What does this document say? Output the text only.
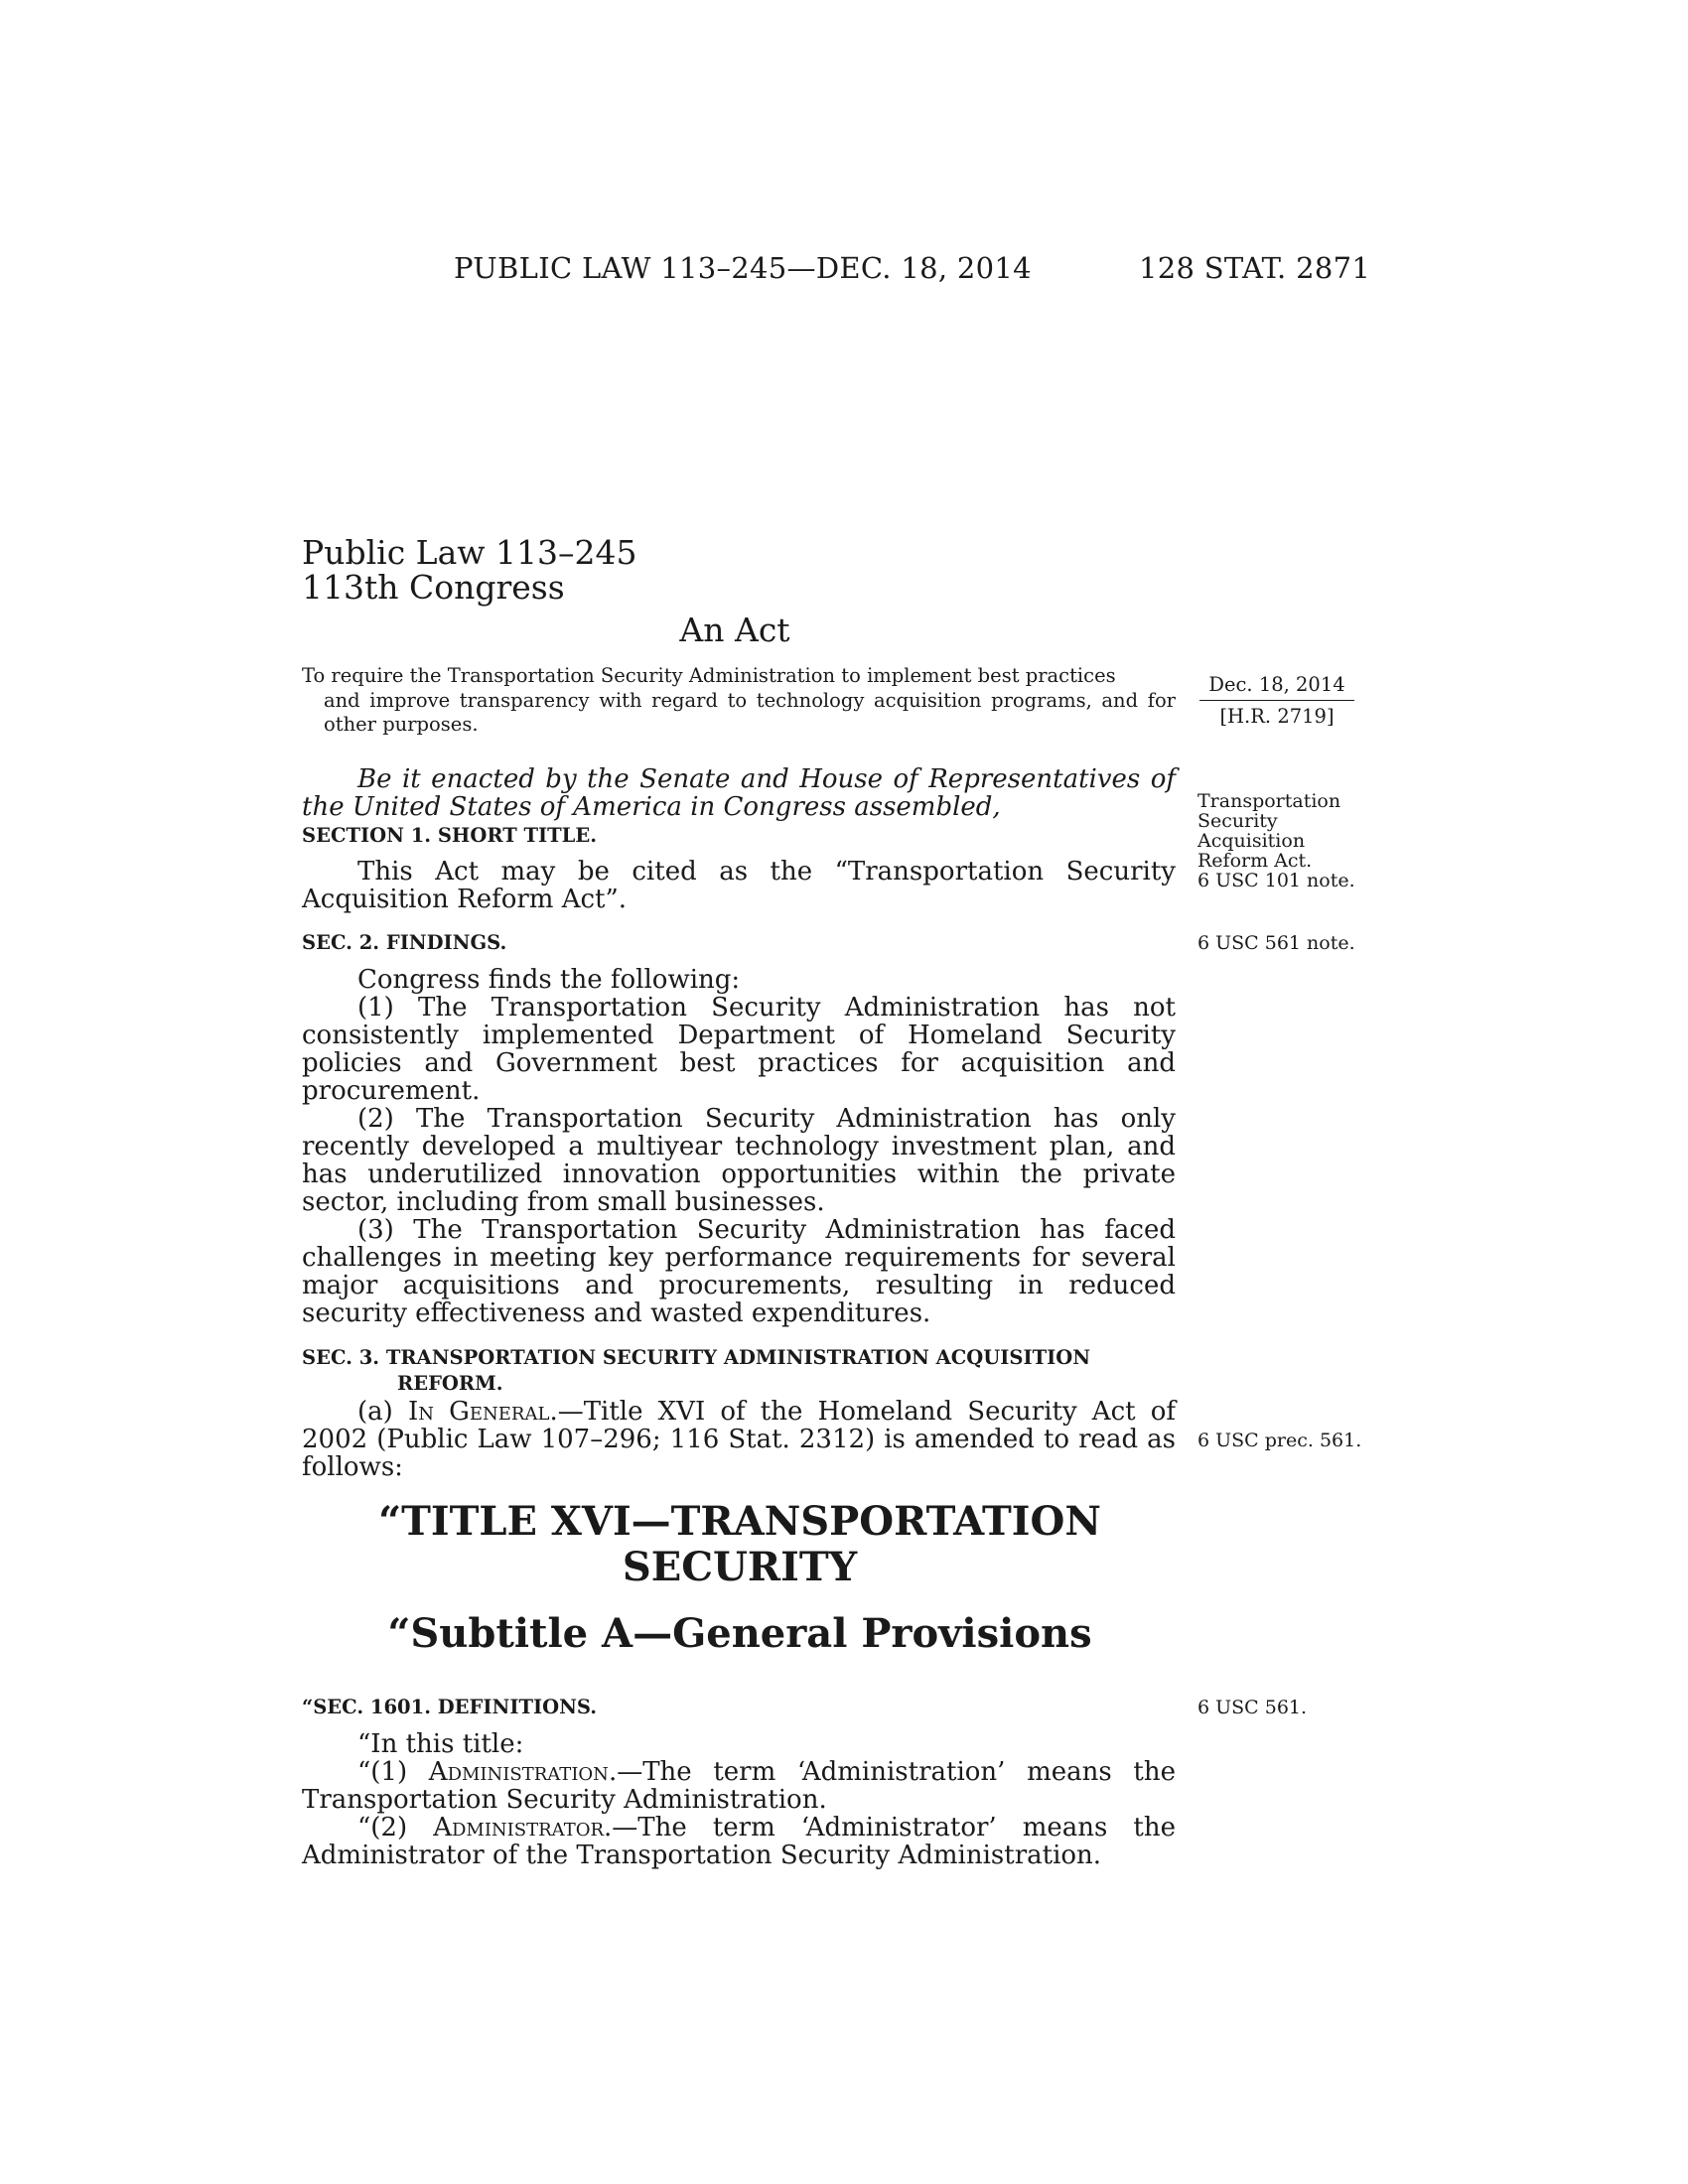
PUBLIC LAW 113–245—DEC. 18, 2014	128 STAT. 2871
Public Law 113–245
113th Congress
An Act
To require the Transportation Security Administration to implement best practices
and improve transparency with regard to technology acquisition programs, and for other purposes.
Dec. 18, 2014
[H.R. 2719]
Transportation
Security
Acquisition
Reform Act.
6 USC 101 note.
6 USC 561 note.
6 USC prec. 561.
6 USC 561.
Be it enacted by the Senate and House of Representatives of the United States of America in Congress assembled,
SECTION 1. SHORT TITLE.
This Act may be cited as the “Transportation Security Acquisition Reform Act”.
SEC. 2. FINDINGS.

Congress finds the following:

(1) The Transportation Security Administration has not consistently implemented Department of Homeland Security policies and Government best practices for acquisition and procurement.

(2) The Transportation Security Administration has only recently developed a multiyear technology investment plan, and has underutilized innovation opportunities within the private sector, including from small businesses.

(3) The Transportation Security Administration has faced challenges in meeting key performance requirements for several major acquisitions and procurements, resulting in reduced security effectiveness and wasted expenditures.

SEC. 3. TRANSPORTATION SECURITY ADMINISTRATION ACQUISITION
REFORM.
(a) In General.—Title XVI of the Homeland Security Act of 2002 (Public Law 107–296; 116 Stat. 2312) is amended to read as follows:
“TITLE XVI—TRANSPORTATION
SECURITY
“Subtitle A—General Provisions
“SEC. 1601. DEFINITIONS.

“In this title:

“(1) Administration.—The term ‘Administration’ means the Transportation Security Administration.

“(2) Administrator.—The term ‘Administrator’ means the Administrator of the Transportation Security Administration.
